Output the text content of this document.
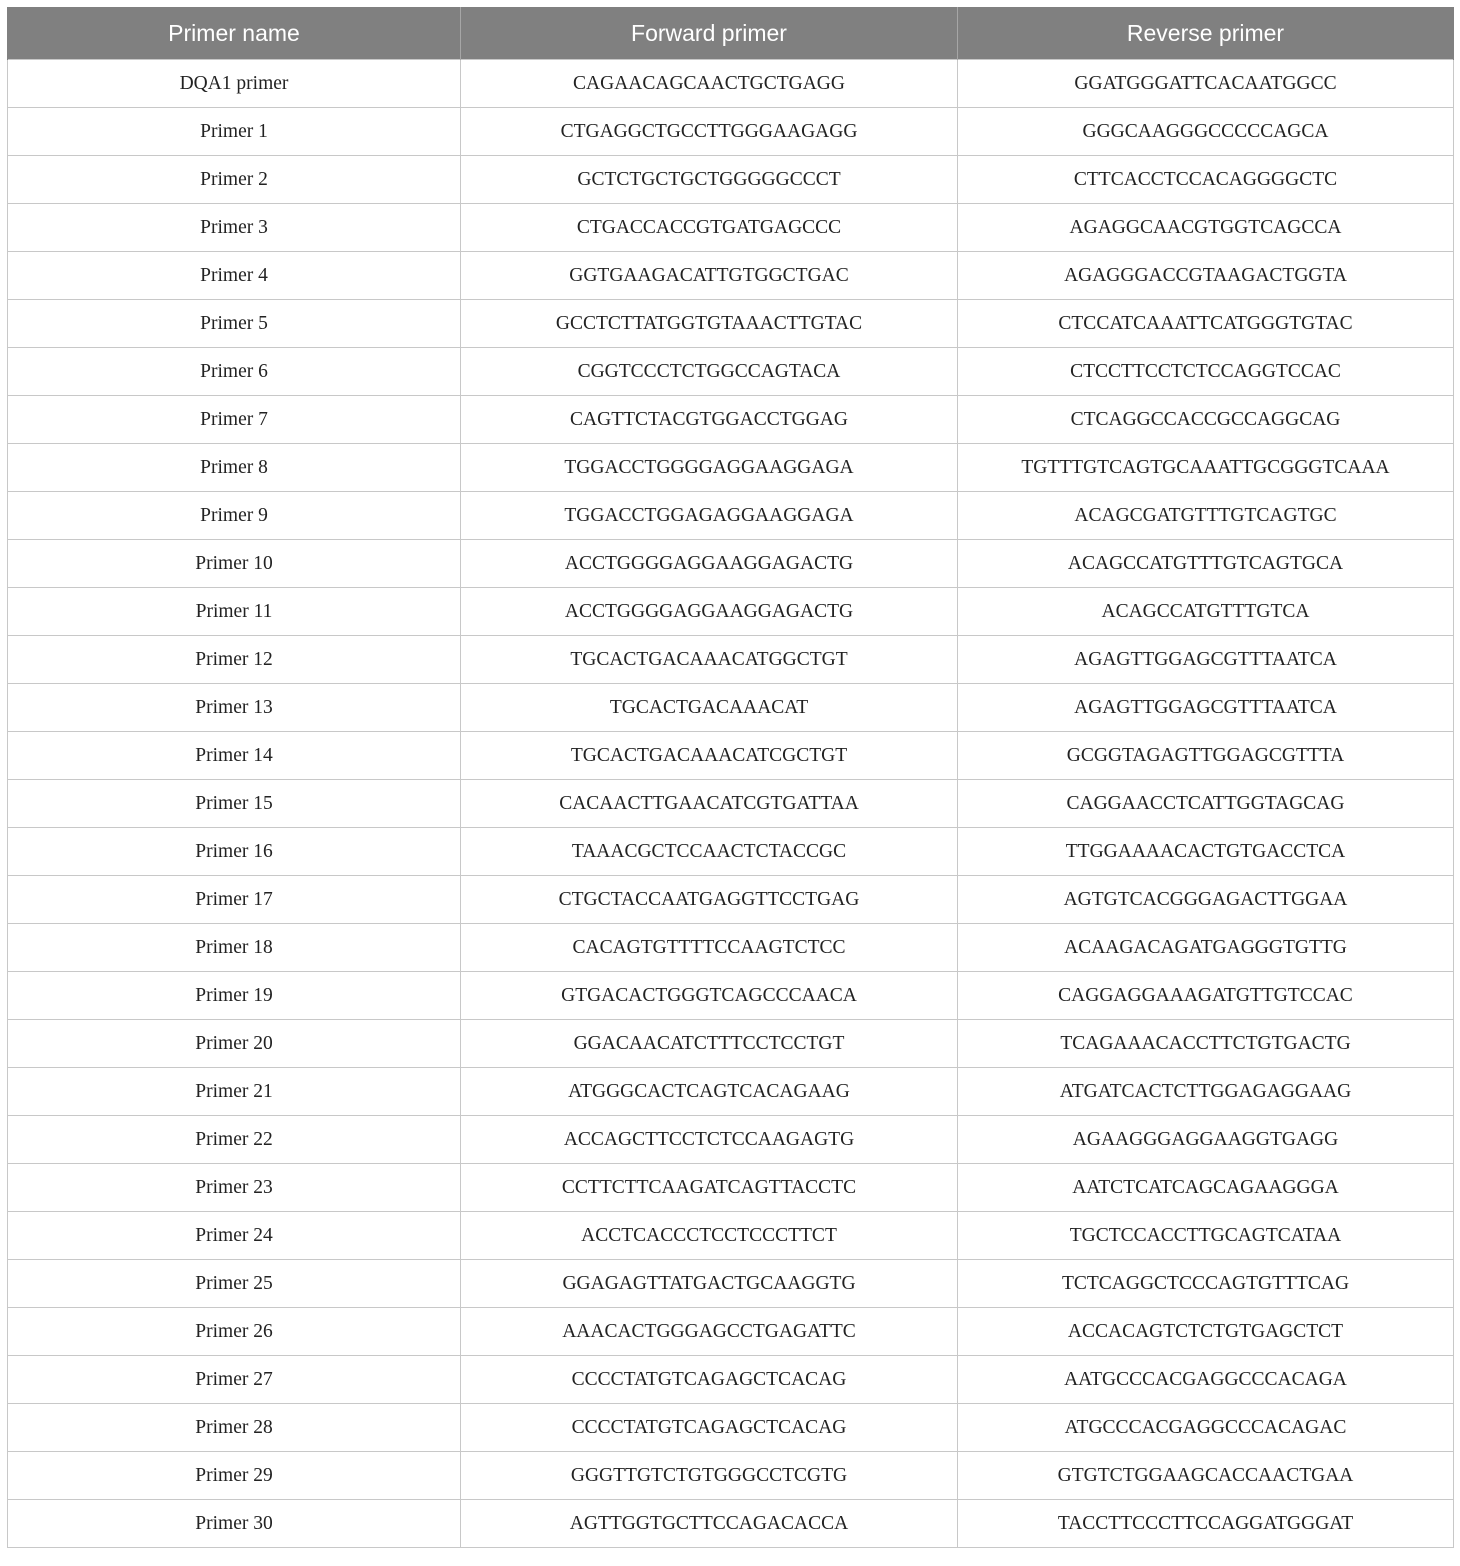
Primer name	Forward primer	Reverse primer
DQA1 primer	CAGAACAGCAACTGCTGAGG	GGATGGGATTCACAATGGCC
Primer 1	CTGAGGCTGCCTTGGGAAGAGG	GGGCAAGGGCCCCCAGCA
Primer 2	GCTCTGCTGCTGGGGGCCCT	CTTCACCTCCACAGGGGCTC
Primer 3	CTGACCACCGTGATGAGCCC	AGAGGCAACGTGGTCAGCCA
Primer 4	GGTGAAGACATTGTGGCTGAC	AGAGGGACCGTAAGACTGGTA
Primer 5	GCCTCTTATGGTGTAAACTTGTAC	CTCCATCAAATTCATGGGTGTAC
Primer 6	CGGTCCCTCTGGCCAGTACA	CTCCTTCCTCTCCAGGTCCAC
Primer 7	CAGTTCTACGTGGACCTGGAG	CTCAGGCCACCGCCAGGCAG
Primer 8	TGGACCTGGGGAGGAAGGAGA	TGTTTGTCAGTGCAAATTGCGGGTCAAA
Primer 9	TGGACCTGGAGAGGAAGGAGA	ACAGCGATGTTTGTCAGTGC
Primer 10	ACCTGGGGAGGAAGGAGACTG	ACAGCCATGTTTGTCAGTGCA
Primer 11	ACCTGGGGAGGAAGGAGACTG	ACAGCCATGTTTGTCA
Primer 12	TGCACTGACAAACATGGCTGT	AGAGTTGGAGCGTTTAATCA
Primer 13	TGCACTGACAAACAT	AGAGTTGGAGCGTTTAATCA
Primer 14	TGCACTGACAAACATCGCTGT	GCGGTAGAGTTGGAGCGTTTA
Primer 15	CACAACTTGAACATCGTGATTAA	CAGGAACCTCATTGGTAGCAG
Primer 16	TAAACGCTCCAACTCTACCGC	TTGGAAAACACTGTGACCTCA
Primer 17	CTGCTACCAATGAGGTTCCTGAG	AGTGTCACGGGAGACTTGGAA
Primer 18	CACAGTGTTTTCCAAGTCTCC	ACAAGACAGATGAGGGTGTTG
Primer 19	GTGACACTGGGTCAGCCCAACA	CAGGAGGAAAGATGTTGTCCAC
Primer 20	GGACAACATCTTTCCTCCTGT	TCAGAAACACCTTCTGTGACTG
Primer 21	ATGGGCACTCAGTCACAGAAG	ATGATCACTCTTGGAGAGGAAG
Primer 22	ACCAGCTTCCTCTCCAAGAGTG	AGAAGGGAGGAAGGTGAGG
Primer 23	CCTTCTTCAAGATCAGTTACCTC	AATCTCATCAGCAGAAGGGA
Primer 24	ACCTCACCCTCCTCCCTTCT	TGCTCCACCTTGCAGTCATAA
Primer 25	GGAGAGTTATGACTGCAAGGTG	TCTCAGGCTCCCAGTGTTTCAG
Primer 26	AAACACTGGGAGCCTGAGATTC	ACCACAGTCTCTGTGAGCTCT
Primer 27	CCCCTATGTCAGAGCTCACAG	AATGCCCACGAGGCCCACAGA
Primer 28	CCCCTATGTCAGAGCTCACAG	ATGCCCACGAGGCCCACAGAC
Primer 29	GGGTTGTCTGTGGGCCTCGTG	GTGTCTGGAAGCACCAACTGAA
Primer 30	AGTTGGTGCTTCCAGACACCA	TACCTTCCCTTCCAGGATGGGAT
